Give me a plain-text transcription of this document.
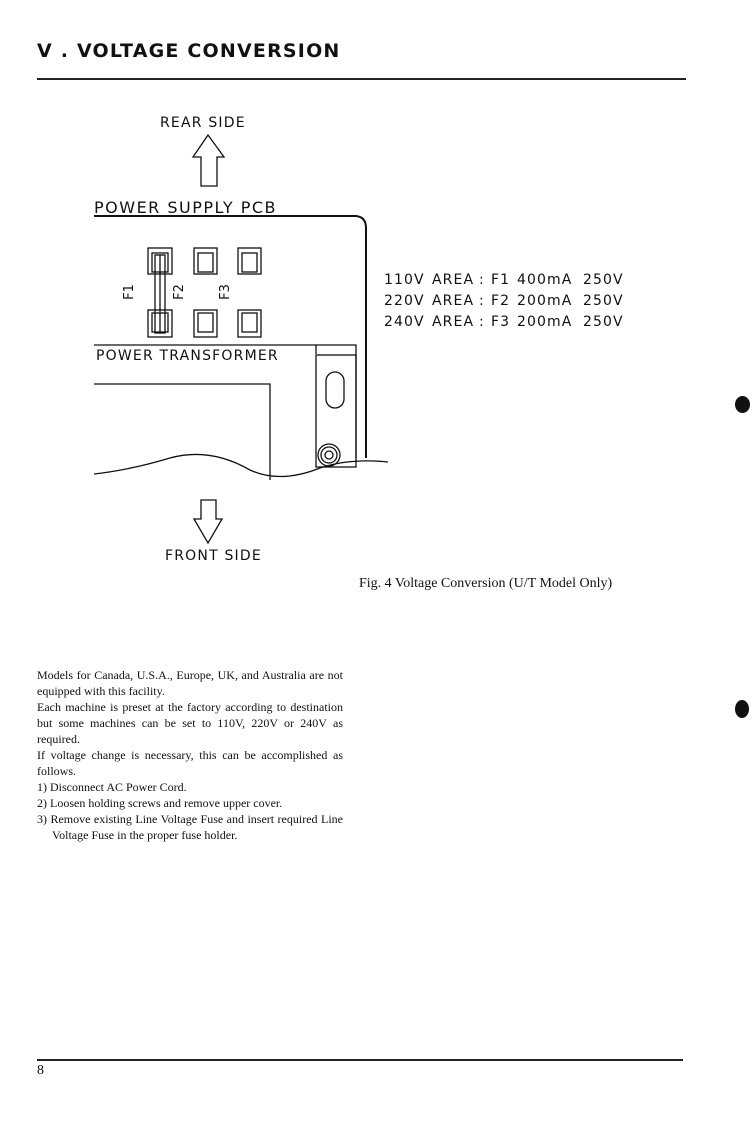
V . VOLTAGE CONVERSION
REAR SIDE
F1	F2 F3
POWER SUPPLY PCB
POWER TRANSFORMER
FRONT SIDE
110V AREA : F1 400mA 250V
220V AREA : F2 200mA 250V
240V AREA : F3 200mA 250V
Fig. 4 Voltage Conversion (U/T Model Only)

Models for Canada, U.S.A., Europe, UK, and Australia are not equipped with this facility.

Each machine is preset at the factory according to destination but some machines can be set to 110V, 220V or 240V as required.

If voltage change is necessary, this can be accomplished as follows.

1) Disconnect AC Power Cord.

2) Loosen holding screws and remove upper cover.

3) Remove existing Line Voltage Fuse and insert required Line Voltage Fuse in the proper fuse holder.

8
